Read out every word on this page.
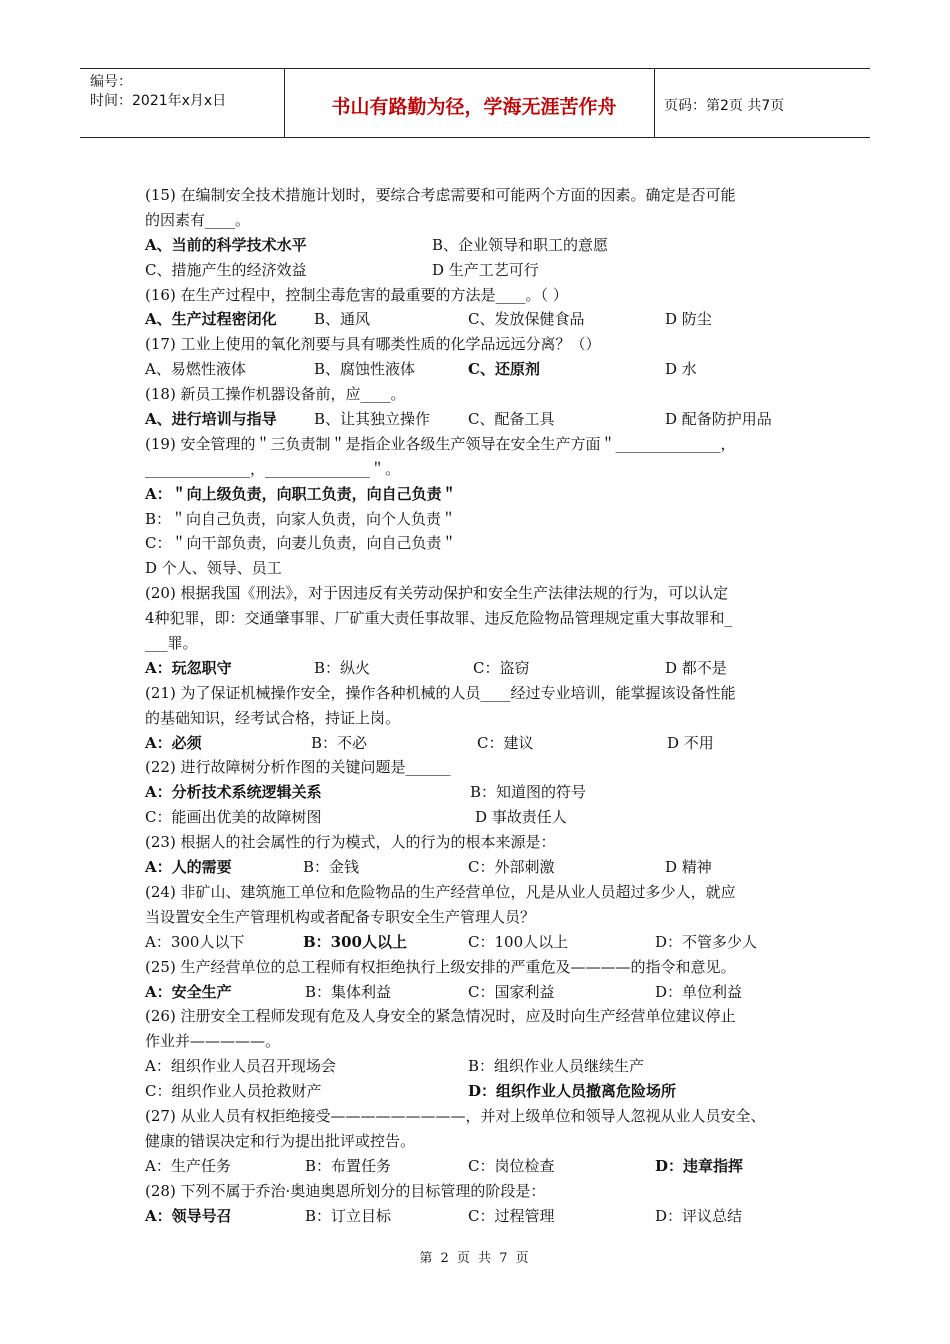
编号：
时间：2021年x月x日	书山有路勤为径，学海无涯苦作舟	页码：第2页 共7页
(15) 在编制安全技术措施计划时，要综合考虑需要和可能两个方面的因素。确定是否可能
的因素有____。
A、当前的科学技术水平	B、企业领导和职工的意愿
C、措施产生的经济效益	D 生产工艺可行
(16) 在生产过程中，控制尘毒危害的最重要的方法是____。（ ）
A、生产过程密闭化 B、通风	C、发放保健食品	D 防尘
(17) 工业上使用的氧化剂要与具有哪类性质的化学品远远分离？（）
A、易燃性液体	B、腐蚀性液体	C、还原剂	D 水
(18) 新员工操作机器设备前，应____。
A、进行培训与指导 B、让其独立操作	C、配备工具	D 配备防护用品
(19) 安全管理的＂三负责制＂是指企业各级生产领导在安全生产方面＂______________，
______________，______________＂。
A：＂向上级负责，向职工负责，向自己负责＂
B：＂向自己负责，向家人负责，向个人负责＂
C：＂向干部负责，向妻儿负责，向自己负责＂
D 个人、领导、员工
(20) 根据我国《刑法》，对于因违反有关劳动保护和安全生产法律法规的行为，可以认定
4种犯罪，即：交通肇事罪、厂矿重大责任事故罪、违反危险物品管理规定重大事故罪和_
___罪。
A：玩忽职守	B：纵火	C：盗窃	D 都不是
(21) 为了保证机械操作安全，操作各种机械的人员____经过专业培训，能掌握该设备性能
的基础知识，经考试合格，持证上岗。
A：必须	B：不必	C：建议	D 不用
(22) 进行故障树分析作图的关键问题是______
A：分析技术系统逻辑关系	B：知道图的符号
C：能画出优美的故障树图	D 事故责任人
(23) 根据人的社会属性的行为模式，人的行为的根本来源是：
A：人的需要	B：金钱	C：外部刺激	D 精神
(24) 非矿山、建筑施工单位和危险物品的生产经营单位，凡是从业人员超过多少人，就应
当设置安全生产管理机构或者配备专职安全生产管理人员？
A：300人以下	B：300人以上	C：100人以上	D：不管多少人
(25) 生产经营单位的总工程师有权拒绝执行上级安排的严重危及————的指令和意见。
A：安全生产	B：集体利益	C：国家利益	D：单位利益
(26) 注册安全工程师发现有危及人身安全的紧急情况时，应及时向生产经营单位建议停止
作业并—————。
A：组织作业人员召开现场会	B：组织作业人员继续生产
C：组织作业人员抢救财产	D：组织作业人员撤离危险场所
(27) 从业人员有权拒绝接受—————————，并对上级单位和领导人忽视从业人员安全、
健康的错误决定和行为提出批评或控告。
A：生产任务	B：布置任务	C：岗位检查	D：违章指挥
(28) 下列不属于乔治·奥迪奥恩所划分的目标管理的阶段是：
A：领导号召	B：订立目标	C：过程管理	D：评议总结
第 2 页 共 7 页
